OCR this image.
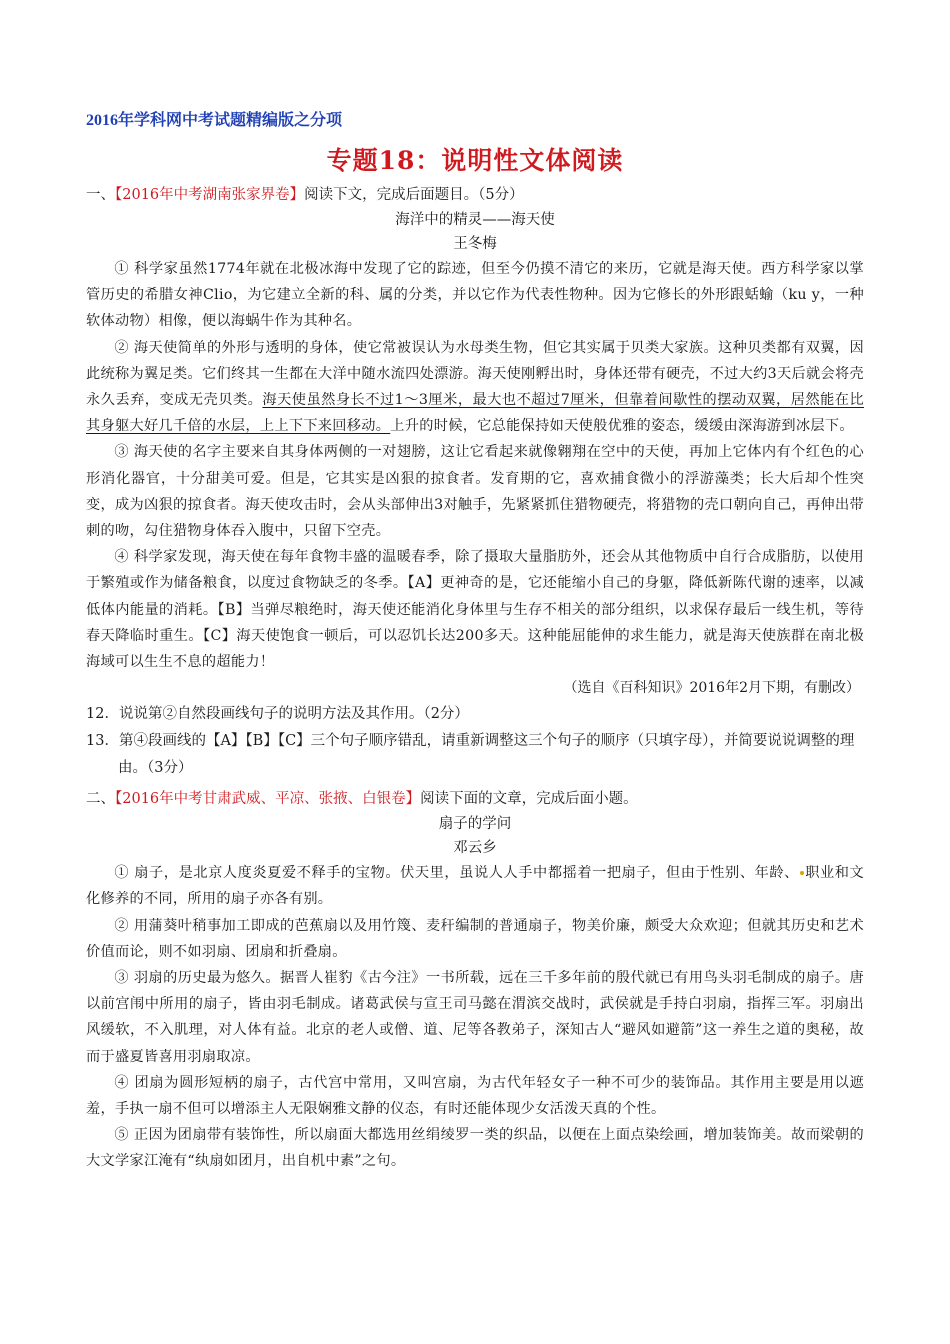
2016年学科网中考试题精编版之分项
专题18：说明性文体阅读
一、【2016年中考湖南张家界卷】阅读下文，完成后面题目。（5分）
海洋中的精灵——海天使
王冬梅
① 科学家虽然1774年就在北极冰海中发现了它的踪迹，但至今仍摸不清它的来历，它就是海天使。西方科学家以掌管历史的希腊女神Clio，为它建立全新的科、属的分类，并以它作为代表性物种。因为它修长的外形跟蛞蝓（ku y，一种软体动物）相像，便以海蜗牛作为其种名。
② 海天使简单的外形与透明的身体，使它常被误认为水母类生物，但它其实属于贝类大家族。这种贝类都有双翼，因此统称为翼足类。它们终其一生都在大洋中随水流四处漂游。海天使刚孵出时，身体还带有硬壳，不过大约3天后就会将壳永久丢弃，变成无壳贝类。海天使虽然身长不过1～3厘米，最大也不超过7厘米，但靠着间歇性的摆动双翼，居然能在比其身躯大好几千倍的水层，上上下下来回移动。上升的时候，它总能保持如天使般优雅的姿态，缓缓由深海游到冰层下。
③ 海天使的名字主要来自其身体两侧的一对翅膀，这让它看起来就像翱翔在空中的天使，再加上它体内有个红色的心形消化器官，十分甜美可爱。但是，它其实是凶狠的掠食者。发育期的它，喜欢捕食微小的浮游藻类；长大后却个性突变，成为凶狠的掠食者。海天使攻击时，会从头部伸出3对触手，先紧紧抓住猎物硬壳，将猎物的壳口朝向自己，再伸出带刺的吻，勾住猎物身体吞入腹中，只留下空壳。
④ 科学家发现，海天使在每年食物丰盛的温暖春季，除了摄取大量脂肪外，还会从其他物质中自行合成脂肪，以使用于繁殖或作为储备粮食，以度过食物缺乏的冬季。【A】更神奇的是，它还能缩小自己的身躯，降低新陈代谢的速率，以减低体内能量的消耗。【B】当弹尽粮绝时，海天使还能消化身体里与生存不相关的部分组织，以求保存最后一线生机，等待春天降临时重生。【C】海天使饱食一顿后，可以忍饥长达200多天。这种能屈能伸的求生能力，就是海天使族群在南北极海域可以生生不息的超能力！
（选自《百科知识》2016年2月下期，有删改）
12．说说第②自然段画线句子的说明方法及其作用。（2分）
13．第④段画线的【A】【B】【C】三个句子顺序错乱，请重新调整这三个句子的顺序（只填字母），并简要说说调整的理由。（3分）
二、【2016年中考甘肃武威、平凉、张掖、白银卷】阅读下面的文章，完成后面小题。
扇子的学问
邓云乡
① 扇子，是北京人度炎夏爱不释手的宝物。伏天里，虽说人人手中都摇着一把扇子，但由于性别、年龄、 职业和文化修养的不同，所用的扇子亦各有别。
② 用蒲葵叶稍事加工即成的芭蕉扇以及用竹篾、麦秆编制的普通扇子，物美价廉，颇受大众欢迎；但就其历史和艺术价值而论，则不如羽扇、团扇和折叠扇。
③ 羽扇的历史最为悠久。据晋人崔豹《古今注》一书所载，远在三千多年前的殷代就已有用鸟头羽毛制成的扇子。唐以前宫闱中所用的扇子，皆由羽毛制成。诸葛武侯与宣王司马懿在渭滨交战时，武侯就是手持白羽扇，指挥三军。羽扇出风缓软，不入肌理，对人体有益。北京的老人或僧、道、尼等各教弟子，深知古人“避风如避箭”这一养生之道的奥秘，故而于盛夏皆喜用羽扇取凉。
④ 团扇为圆形短柄的扇子，古代宫中常用，又叫宫扇，为古代年轻女子一种不可少的装饰品。其作用主要是用以遮羞，手执一扇不但可以增添主人无限娴雅文静的仪态，有时还能体现少女活泼天真的个性。
⑤ 正因为团扇带有装饰性，所以扇面大都选用丝绢绫罗一类的织品，以便在上面点染绘画，增加装饰美。故而梁朝的大文学家江淹有“纨扇如团月，出自机中素”之句。
